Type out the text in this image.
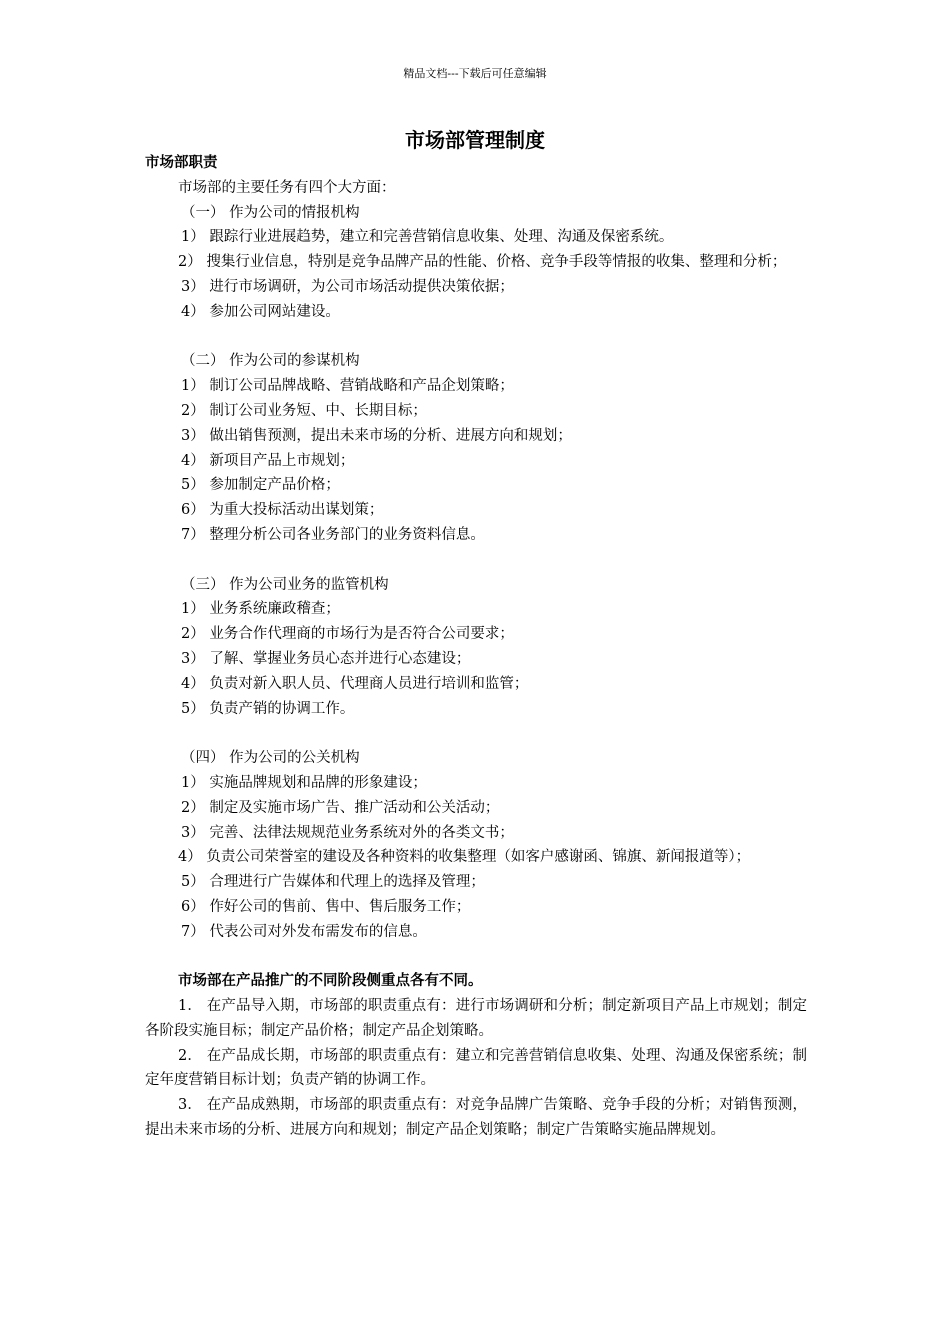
精品文档---下载后可任意编辑
市场部管理制度
市场部职责
市场部的主要任务有四个大方面：
（一） 作为公司的情报机构
1） 跟踪行业进展趋势，建立和完善营销信息收集、处理、沟通及保密系统。
2） 搜集行业信息，特别是竞争品牌产品的性能、价格、竞争手段等情报的收集、整理和分析；
3） 进行市场调研，为公司市场活动提供决策依据；
4） 参加公司网站建设。
（二） 作为公司的参谋机构
1） 制订公司品牌战略、营销战略和产品企划策略；
2） 制订公司业务短、中、长期目标；
3） 做出销售预测，提出未来市场的分析、进展方向和规划；
4） 新项目产品上市规划；
5） 参加制定产品价格；
6） 为重大投标活动出谋划策；
7） 整理分析公司各业务部门的业务资料信息。
（三） 作为公司业务的监管机构
1） 业务系统廉政稽查；
2） 业务合作代理商的市场行为是否符合公司要求；
3） 了解、掌握业务员心态并进行心态建设；
4） 负责对新入职人员、代理商人员进行培训和监管；
5） 负责产销的协调工作。
（四） 作为公司的公关机构
1） 实施品牌规划和品牌的形象建设；
2） 制定及实施市场广告、推广活动和公关活动；
3） 完善、法律法规规范业务系统对外的各类文书；
4） 负责公司荣誉室的建设及各种资料的收集整理（如客户感谢函、锦旗、新闻报道等）；
5） 合理进行广告媒体和代理上的选择及管理；
6） 作好公司的售前、售中、售后服务工作；
7） 代表公司对外发布需发布的信息。
市场部在产品推广的不同阶段侧重点各有不同。
1． 在产品导入期，市场部的职责重点有：进行市场调研和分析；制定新项目产品上市规划；制定各阶段实施目标；制定产品价格；制定产品企划策略。
2． 在产品成长期，市场部的职责重点有：建立和完善营销信息收集、处理、沟通及保密系统；制定年度营销目标计划；负责产销的协调工作。
3． 在产品成熟期，市场部的职责重点有：对竞争品牌广告策略、竞争手段的分析；对销售预测，提出未来市场的分析、进展方向和规划；制定产品企划策略；制定广告策略实施品牌规划。
